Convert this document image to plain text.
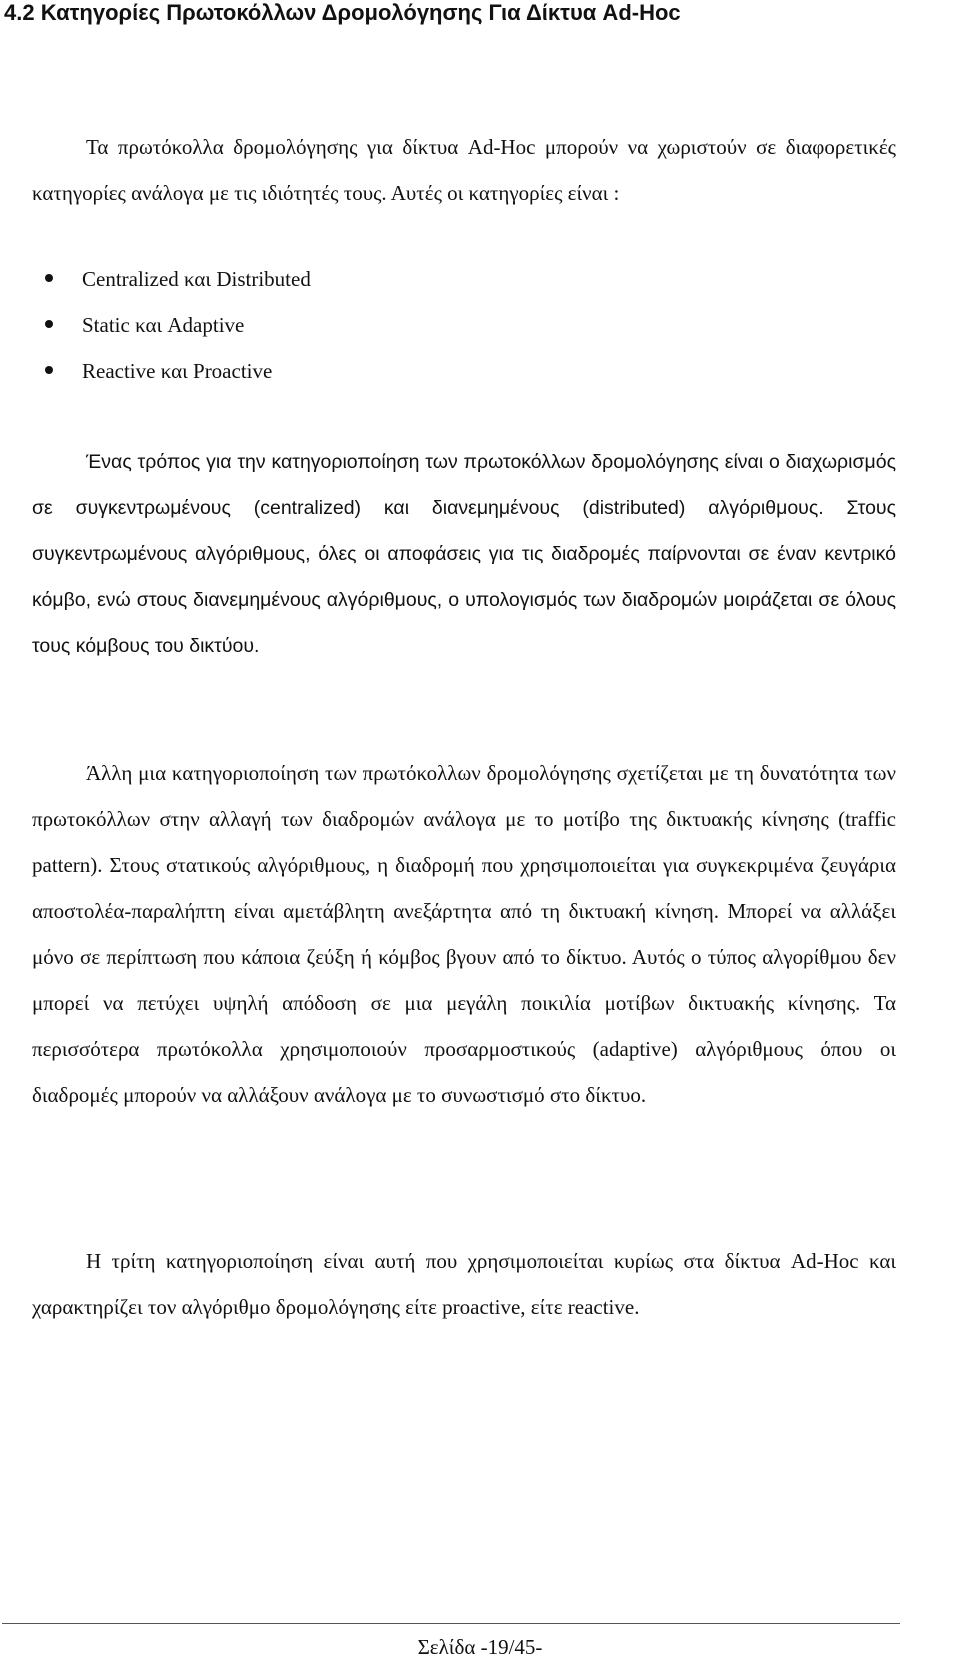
4.2 Κατηγορίες Πρωτοκόλλων Δρομολόγησης Για Δίκτυα Ad-Hoc

Τα πρωτόκολλα δρομολόγησης για δίκτυα Ad-Hoc μπορούν να χωριστούν σε διαφορετικές κατηγορίες ανάλογα με τις ιδιότητές τους. Αυτές οι κατηγορίες είναι :

Centralized και Distributed
Static και Adaptive
Reactive και Proactive

Ένας τρόπος για την κατηγοριοποίηση των πρωτοκόλλων δρομολόγησης είναι ο διαχωρισμός σε συγκεντρωμένους (centralized) και διανεμημένους (distributed) αλγόριθμους. Στους συγκεντρωμένους αλγόριθμους, όλες οι αποφάσεις για τις διαδρομές παίρνονται σε έναν κεντρικό κόμβο, ενώ στους διανεμημένους αλγόριθμους, ο υπολογισμός των διαδρομών μοιράζεται σε όλους τους κόμβους του δικτύου.

Άλλη μια κατηγοριοποίηση των πρωτόκολλων δρομολόγησης σχετίζεται με τη δυνατότητα των πρωτοκόλλων στην αλλαγή των διαδρομών ανάλογα με το μοτίβο της δικτυακής κίνησης (traffic pattern). Στους στατικούς αλγόριθμους, η διαδρομή που χρησιμοποιείται για συγκεκριμένα ζευγάρια αποστολέα-παραλήπτη είναι αμετάβλητη ανεξάρτητα από τη δικτυακή κίνηση. Μπορεί να αλλάξει μόνο σε περίπτωση που κάποια ζεύξη ή κόμβος βγουν από το δίκτυο. Αυτός ο τύπος αλγορίθμου δεν μπορεί να πετύχει υψηλή απόδοση σε μια μεγάλη ποικιλία μοτίβων δικτυακής κίνησης. Τα περισσότερα πρωτόκολλα χρησιμοποιούν προσαρμοστικούς (adaptive) αλγόριθμους όπου οι διαδρομές μπορούν να αλλάξουν ανάλογα με το συνωστισμό στο δίκτυο.

Η τρίτη κατηγοριοποίηση είναι αυτή που χρησιμοποιείται κυρίως στα δίκτυα Ad-Hoc και χαρακτηρίζει τον αλγόριθμο δρομολόγησης είτε proactive, είτε reactive.

Σελίδα -19/45-
